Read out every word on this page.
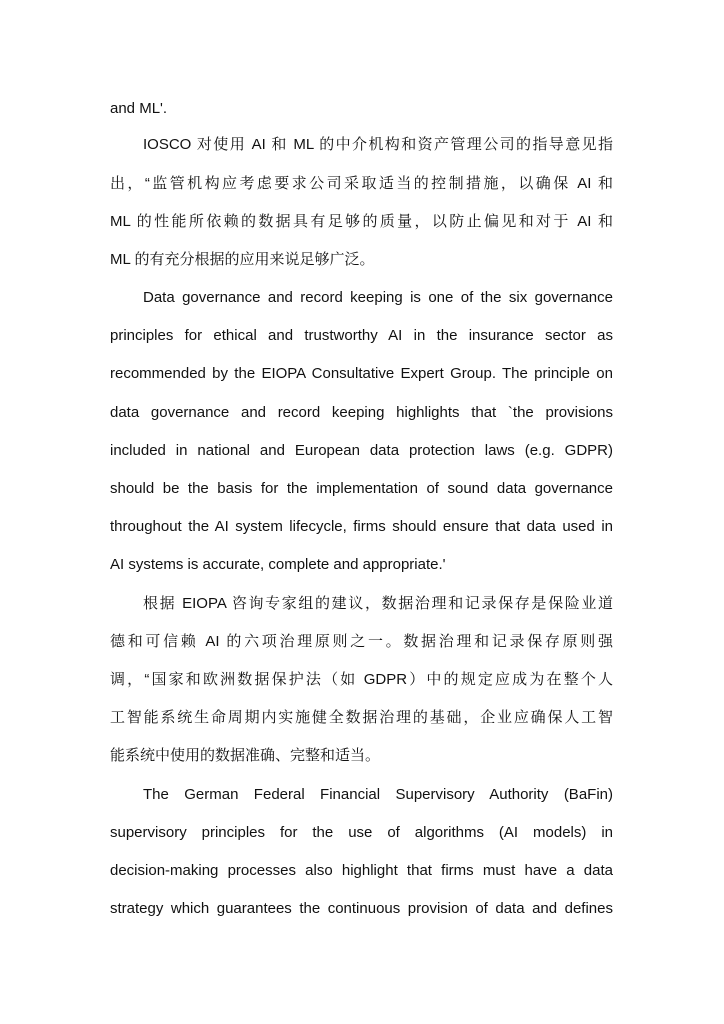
and ML'.
IOSCO 对使用 AI 和 ML 的中介机构和资产管理公司的指导意见指
出，“监管机构应考虑要求公司采取适当的控制措施，以确保 AI 和
ML 的性能所依赖的数据具有足够的质量，以防止偏见和对于 AI 和
ML 的有充分根据的应用来说足够广泛。
Data governance and record keeping is one of the six governance
principles for ethical and trustworthy AI in the insurance sector as
recommended by the EIOPA Consultative Expert Group. The principle on
data governance and record keeping highlights that `the provisions
included in national and European data protection laws (e.g. GDPR)
should be the basis for the implementation of sound data governance
throughout the AI system lifecycle, firms should ensure that data used in
AI systems is accurate, complete and appropriate.'
根据 EIOPA 咨询专家组的建议，数据治理和记录保存是保险业道
德和可信赖 AI 的六项治理原则之一。数据治理和记录保存原则强
调，“国家和欧洲数据保护法（如 GDPR）中的规定应成为在整个人
工智能系统生命周期内实施健全数据治理的基础，企业应确保人工智
能系统中使用的数据准确、完整和适当。
The German Federal Financial Supervisory Authority (BaFin)
supervisory principles for the use of algorithms (AI models) in
decision-making processes also highlight that firms must have a data
strategy which guarantees the continuous provision of data and defines
